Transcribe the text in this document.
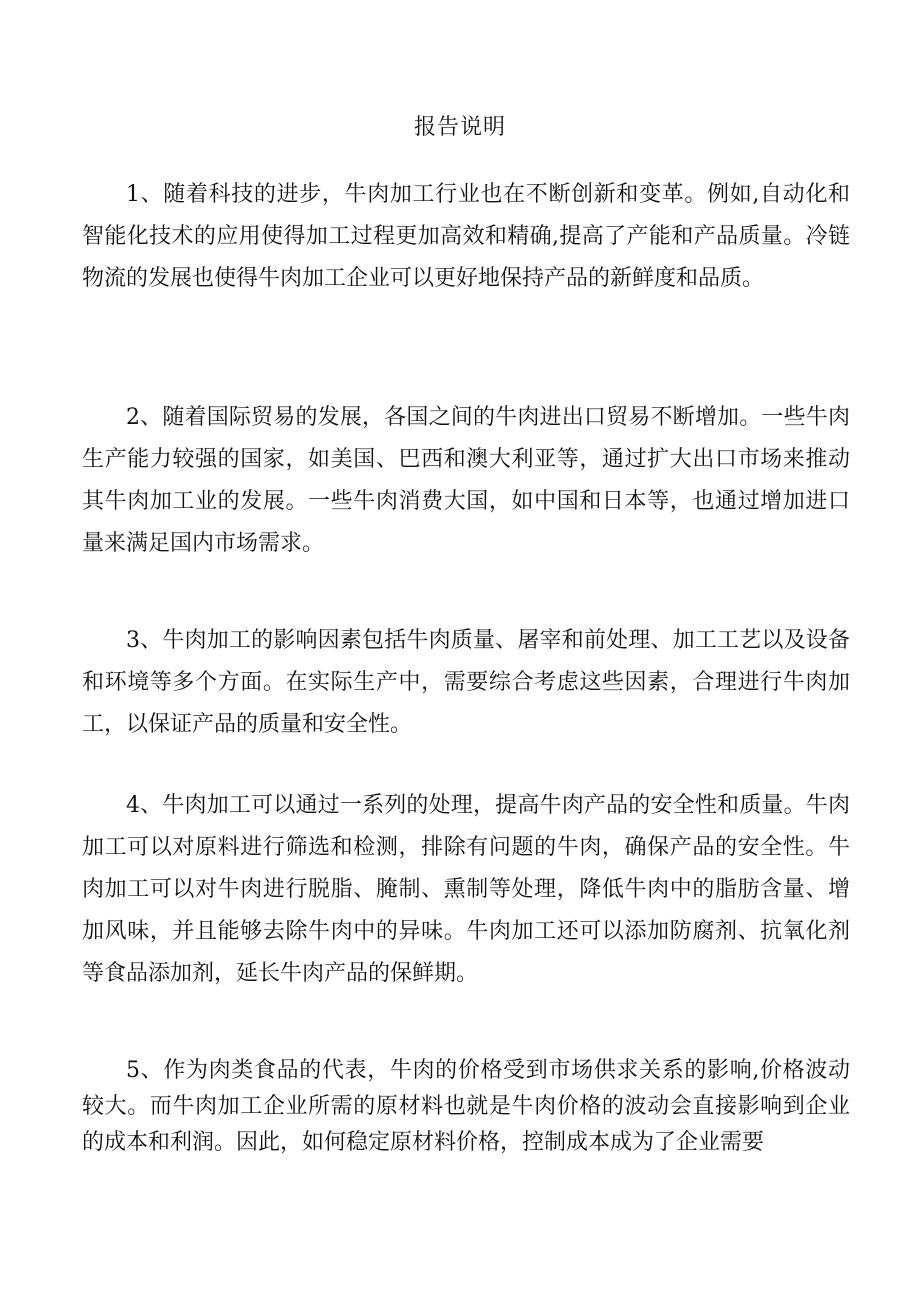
报告说明

1、随着科技的进步，牛肉加工行业也在不断创新和变革。例如,自动化和智能化技术的应用使得加工过程更加高效和精确,提高了产能和产品质量。冷链物流的发展也使得牛肉加工企业可以更好地保持产品的新鲜度和品质。

2、随着国际贸易的发展，各国之间的牛肉进出口贸易不断增加。一些牛肉生产能力较强的国家，如美国、巴西和澳大利亚等，通过扩大出口市场来推动其牛肉加工业的发展。一些牛肉消费大国，如中国和日本等，也通过增加进口量来满足国内市场需求。

3、牛肉加工的影响因素包括牛肉质量、屠宰和前处理、加工工艺以及设备和环境等多个方面。在实际生产中，需要综合考虑这些因素，合理进行牛肉加工，以保证产品的质量和安全性。

4、牛肉加工可以通过一系列的处理，提高牛肉产品的安全性和质量。牛肉加工可以对原料进行筛选和检测，排除有问题的牛肉，确保产品的安全性。牛肉加工可以对牛肉进行脱脂、腌制、熏制等处理，降低牛肉中的脂肪含量、增加风味，并且能够去除牛肉中的异味。牛肉加工还可以添加防腐剂、抗氧化剂等食品添加剂，延长牛肉产品的保鲜期。

5、作为肉类食品的代表，牛肉的价格受到市场供求关系的影响,价格波动较大。而牛肉加工企业所需的原材料也就是牛肉价格的波动会直接影响到企业的成本和利润。因此，如何稳定原材料价格，控制成本成为了企业需要
